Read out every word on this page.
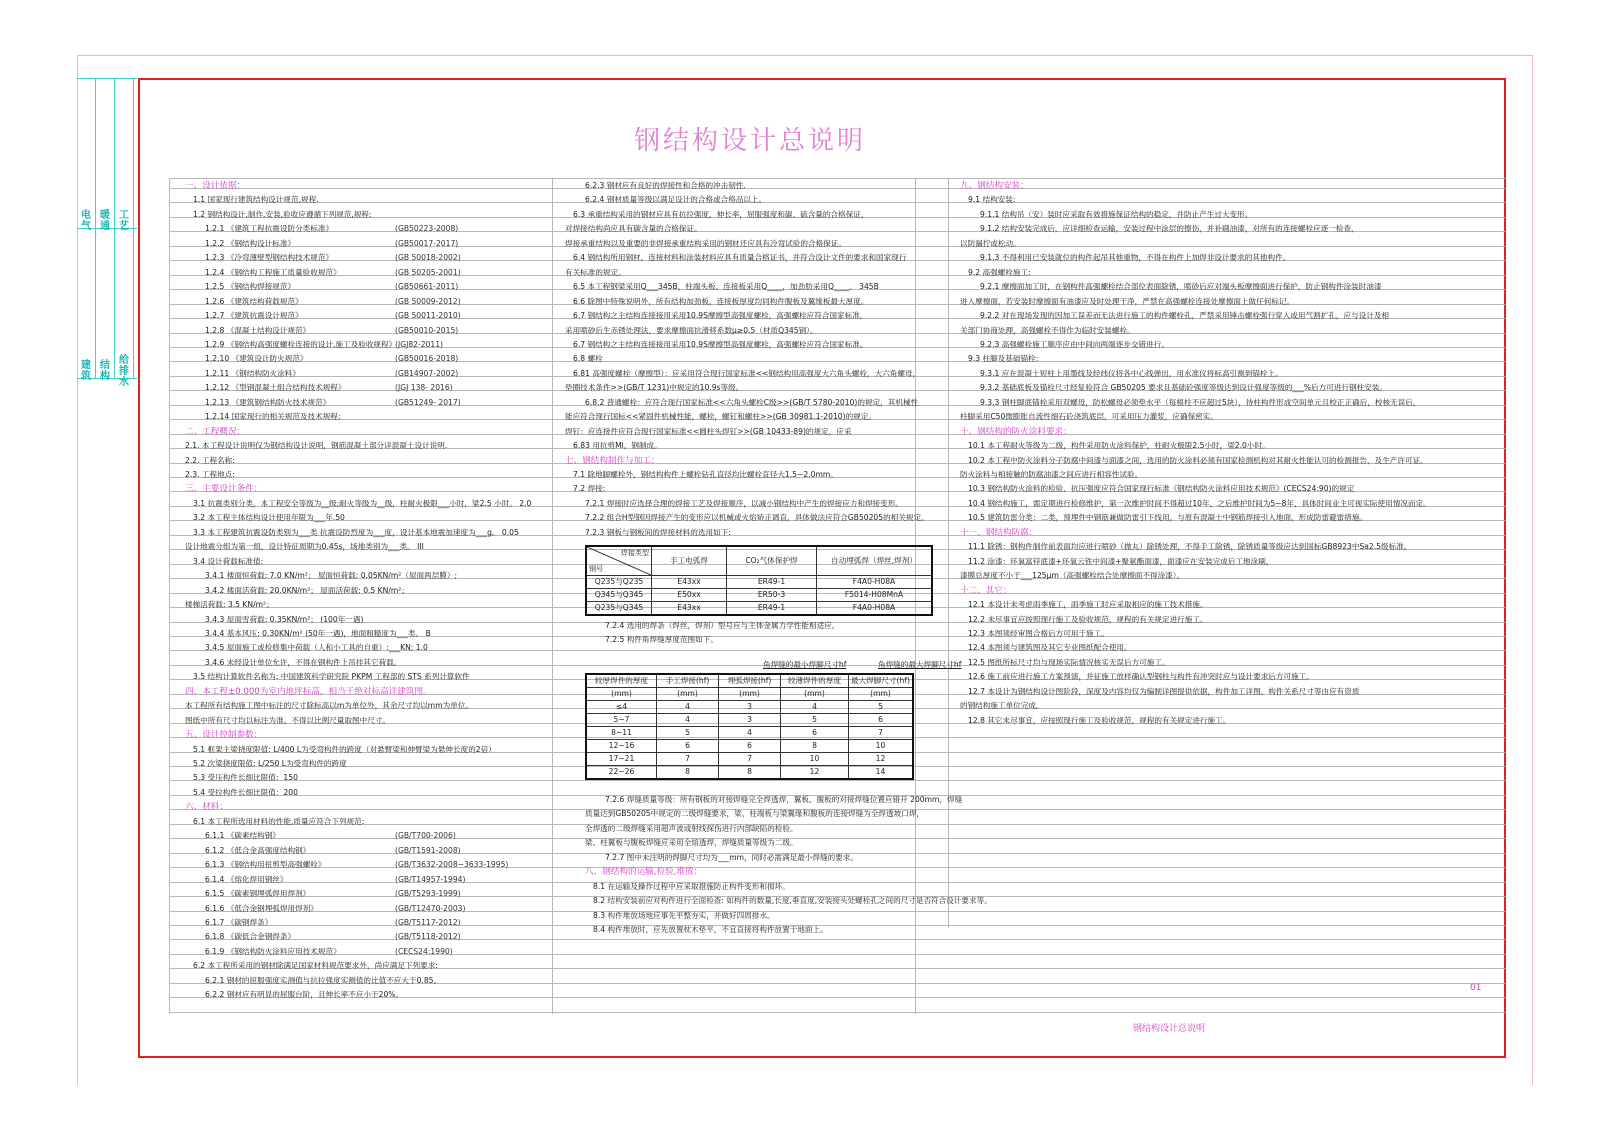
电
气
暖
通
工
艺
建
筑
结
构
给
排
水
钢结构设计总说明
一、设计依据：
1.1 国家现行建筑结构设计规范,规程.
1.2 钢结构设计,制作,安装,验收应遵循下列规范,规程:
1.2.1 《建筑工程抗震设防分类标准》	(GB50223-2008)
1.2.2 《钢结构设计标准》	(GB50017-2017)
1.2.3 《冷弯薄壁型钢结构技术规范》	(GB 50018-2002)
1.2.4 《钢结构工程施工质量验收规范》	(GB 50205-2001)
1.2.5 《钢结构焊接规范》	(GB50661-2011)
1.2.6 《建筑结构荷载规范》	(GB 50009-2012)
1.2.7 《建筑抗震设计规范》	(GB 50011-2010)
1.2.8 《混凝土结构设计规范》	(GB50010-2015)
1.2.9 《钢结构高强度螺栓连接的设计,施工及验收规程》
(JGJ82-2011)
1.2.10 《建筑设计防火规范》	(GB50016-2018)
1.2.11 《钢结构防火涂料》	(GB14907-2002)
1.2.12 《型钢混凝土组合结构技术规程》	(JGJ 138- 2016)
1.2.13 《建筑钢结构防火技术规范》	(GB51249- 2017)
1.2.14 国家现行的相关规范及技术规程；
二、工程概况：
2.1. 本工程设计说明仅为钢结构设计说明，钢筋混凝土部分详混凝土设计说明.
2.2. 工程名称:
2.3. 工程地点:
三、主要设计条件：
3.1 抗震类别分类，本工程安全等级为__级;耐火等级为__级，柱耐火极限___小时，梁2.5 小时。 2.0
3.2 本工程主体结构设计使用年限为___年.50
3.3 本工程建筑抗震设防类别为___类 抗震设防烈度为___度，设计基本地震加速度为___g。 0.05
设计地震分组为第一组，设计特征周期为0.45s，场地类别为___类。 III
3.4 设计荷载标准值:
3.4.1 楼面恒荷载: 7.0 KN/m²； 屋面恒荷载: 0.05KN/m²（屋面两层膜）;
3.4.2 楼面活荷载: 20.0KN/m²； 屋面活荷载: 0.5 KN/m²；
楼梯活荷载: 3.5 KN/m²；
3.4.3 屋面雪荷载: 0.35KN/m²； (100年一遇)
3.4.4 基本风压: 0.30KN/m² (50年一遇)，地面粗糙度为___类。 B
3.4.5 屋面施工或检修集中荷载（人和小工具的自重）:___KN; 1.0
3.4.6 未经设计单位允许，不得在钢构件上吊挂其它荷载。
3.5 结构计算软件名称为: 中国建筑科学研究院 PKPM 工程部的 STS 系列计算软件
四、本工程±0.000为室内地坪标高，相当于绝对标高详建筑图。
本工程所有结构施工图中标注的尺寸除标高以m为单位外，其余尺寸均以mm为单位。
图纸中所有尺寸均以标注为准，不得以比例尺量取图中尺寸。
五、设计控制参数：
5.1 框架主梁挠度限值: L/400 L为受弯构件的跨度（对悬臂梁和伸臂梁为悬伸长度的2倍）
5.2 次梁挠度限值: L/250 L为受弯构件的跨度
5.3 受压构件长细比限值：150
5.4 受拉构件长细比限值：200
六、材料：
6.1 本工程所选用材料的性能,质量应符合下列规范:
6.1.1 《碳素结构钢》	(GB/T700-2006)
6.1.2 《低合金高强度结构钢》	(GB/T1591-2008)
6.1.3 《钢结构用扭剪型高强螺栓》	(GB/T3632-2008~3633-1995)
6.1.4 《熔化焊用钢丝》	(GB/T14957-1994)
6.1.5 《碳素钢埋弧焊用焊剂》	(GB/T5293-1999)
6.1.6 《低合金钢埋弧焊用焊剂》	(GB/T12470-2003)
6.1.7 《碳钢焊条》	(GB/T5117-2012)
6.1.8 《碳低合金钢焊条》	(GB/T5118-2012)
6.1.9 《钢结构防火涂料应用技术规范》	(CECS24:1990)
6.2 本工程所采用的钢材除满足国家材料规范要求外，尚应满足下列要求:
6.2.1 钢材的屈服强度实测值与抗拉强度实测值的比值不应大于0.85。
6.2.2 钢材应有明显的屈服台阶，且伸长率不应小于20%。
6.2.3 钢材应有良好的焊接性和合格的冲击韧性.
6.2.4 钢材质量等级以满足设计的合格或合格品以上。
6.3 承重结构采用的钢材应具有抗拉强度，伸长率，屈服强度和碳、硫含量的合格保证，
对焊接结构尚应具有碳含量的合格保证。
焊接承重结构以及重要的非焊接承重结构采用的钢材还应具有冷弯试验的合格保证。
6.4 钢结构所用钢材，连接材料和涂装材料应具有质量合格证书，并符合设计文件的要求和国家现行
有关标准的规定。
6.5 本工程钢梁采用Q___345B，柱端头板、连接板采用Q____，加劲肋采用Q____。 345B
6.6 除图中特殊说明外，所有结构加劲板，连接板厚度均同构件腹板及翼缘板最大厚度。
6.7 钢结构之主结构连接接用采用10.9S摩擦型高强度螺栓，高强螺栓应符合国家标准，
采用喷砂后生赤锈处理法，要求摩擦面抗滑移系数μ≥0.5（材质Q345钢）。
6.7 钢结构之主结构连接接用采用10.9S摩擦型高强度螺栓，高强螺栓应符合国家标准。
6.8 螺栓
6.81 高强度螺栓（摩擦型）：应采用符合现行国家标准<<钢结构用高强度大六角头螺栓，大六角螺母，
垫圈技术条件>>(GB/T 1231)中规定的10.9s等级。
6.8.2 普通螺栓：应符合现行国家标准<<六角头螺栓C级>>(GB/T 5780-2010)的规定，其机械性
能应符合现行国标<<紧固件机械性能，螺栓，螺钉和螺柱>>(GB 30981.1-2010)的规定。
焊钉：应连接件应符合现行国家标准<<圆柱头焊钉>>(GB 10433-89)的规定，应采
6.83 用抗剪Ml，钢制成。
七、钢结构制作与加工：
7.1 除地脚螺栓外，钢结构构件上螺栓钻孔直径均比螺栓直径大1.5~2.0mm。
7.2 焊接:
7.2.1 焊接时应选择合理的焊接工艺及焊接顺序，以减小钢结构中产生的焊接应力和焊接变形。
7.2.2 组合H型钢因焊接产生的变形应以机械或火焰矫正调直，具体做法应符合GB50205的相关规定。
7.2.3 钢板与钢板间的焊接材料的选用如下:
7.2.4 选用的焊条（焊丝，焊剂）型号应与主体金属力学性能相适应。
7.2.5 构件角焊缝厚度范围如下。
7.2.6 焊缝质量等级：所有钢板的对接焊缝完全焊透焊，翼板、腹板的对接焊缝位置应错开 200mm，焊缝
质量达到GB50205中规定的二级焊缝要求，梁、柱端板与梁翼缘和腹板的连接焊缝为全焊透坡口焊，
全焊透的二级焊缝采用超声波或射线探伤进行内部缺陷的检验。
梁、柱翼板与腹板焊缝应采用全熔透焊，焊缝质量等级为二级。
7.2.7 图中未注明的焊脚尺寸均为___mm，同时必需满足最小焊缝的要求。
八、钢结构的运输,检验,堆放：
8.1 在运输及操作过程中应采取措施防止构件变形和损坏。
8.2 结构安装前应对构件进行全面检查: 如构件的数量,长度,垂直度,安装接头处螺栓孔之间的尺寸是否符合设计要求等。
8.3 构件堆放场地应事先平整夯实，并做好四周排水。
8.4 构件堆放时，应先放置枕木垫平，不宜直接将构件放置于地面上。
九、钢结构安装：
9.1 结构安装:
9.1.1 结构吊（安）装时应采取有效措施保证结构的稳定，并防止产生过大变形。
9.1.2 结构安装完成后，应详细检查运输，安装过程中涂层的擦伤，并补刷油漆，对所有的连接螺栓应逐一检查，
以防漏拧或松动。
9.1.3 不得利用已安装就位的构件起吊其他重物，不得在构件上加焊非设计要求的其他构件。
9.2 高强螺栓施工:
9.2.1 摩擦面加工时，在钢构件高强螺栓结合部位表面除锈，喷砂后应对端头板摩擦面进行保护，防止钢构件涂装时油漆
进入摩擦面，若安装时摩擦面有油漆应及时处理干净，严禁在高强螺栓连接处摩擦面上做任何标记。
9.2.2 对在现场发现的因加工误差而无法进行施工的构件螺栓孔，严禁采用锤击螺栓强行穿入或用气割扩孔，应与设计及相
关部门协商处理，高强螺栓不得作为临时安装螺栓。
9.2.3 高强螺栓施工顺序应由中间向两端逐步交错进行。
9.3 柱脚及基础锚栓:
9.3.1 应在混凝土短柱上用墨线及经纬仪将各中心线弹出，用水准仪将标高引测到锚栓上。
9.3.2 基础底板及锚栓尺寸经复验符合 GB50205 要求且基础砼强度等级达到设计强度等级的___%后方可进行钢柱安装。
9.3.3 钢柱脚底锚栓采用双螺母，防松螺母必须垫水平（每根柱不应超过5块），待柱构件形成空间单元且校正正确后，校核无误后，
柱脚采用C50微膨胀自流性细石砼浇筑底层，可采用压力灌浆，应确保密实。
十、钢结构的防火涂料要求：
10.1 本工程耐火等级为二级，构件采用防火涂料保护，柱耐火极限2.5小时，梁2.0小时。
10.2 本工程中防火涂料分子防腐中间漆与面漆之间，选用的防火涂料必须有国家检测机构对其耐火性能认可的检测报告，及生产许可证。
防火涂料与相接触的防腐油漆之间应进行相容性试验。
10.3 钢结构防火涂料的检验、抗压强度应符合国家现行标准《钢结构防火涂料应用技术规范》(CECS24:90)的规定
10.4 钢结构施工，需定期进行检修维护，第一次维护时间不得超过10年，之后维护时间为5~8年，具体时间业主可视实际使用情况而定。
10.5 建筑防雷分类：二类，预埋件中钢筋兼做防雷引下线用，与原有混凝土中钢筋焊接引入地面，形成防雷避雷措施。
十一、钢结构防腐：
11.1 除锈：钢构件制作前表面均应进行喷砂（抛丸）除锈处理，不得手工除锈，除锈质量等级应达到国标GB8923中Sa2.5级标准。
11.2 涂漆：环氧富锌底漆+环氧云铁中间漆+聚氨酯面漆，面漆应在安装完成后工地涂刷，
漆膜总厚度不小于___125μm（高强螺栓结合处摩擦面不得涂漆）。
十二、其它：
12.1 本设计未考虑雨季施工，雨季施工时应采取相应的施工技术措施。
12.2 未尽事宜应按照现行施工及验收规范，规程的有关规定进行施工。
12.3 本图须经审图合格后方可用于施工。
12.4 本图须与建筑图及其它专业图纸配合使用。
12.5 图纸所标尺寸均与现场实际情况核实无误后方可施工。
12.6 施工前应进行施工方案预演，并征施工放样确认型钢柱与构件有冲突时应与设计要求后方可施工。
12.7 本设计为钢结构设计图阶段，深度及内容均仅为编制详图提供依据，构件加工详图、构件关系尺寸等由应有资质
的钢结构施工单位完成。
12.8 其它未尽事宜，应按照现行施工及验收规范，规程的有关规定进行施工。
焊接类型
钢号	手工电弧焊	CO₂气体保护焊	自动埋弧焊（焊丝,焊剂）
Q235与Q235	E43xx	ER49-1	F4A0-H08A
Q345与Q345	E50xx	ER50-3	F5014-H08MnA
Q235与Q345	E43xx	ER49-1	F4A0-H08A
角焊缝的最小焊脚尺寸hf	角焊缝的最大焊脚尺寸hf
较厚焊件的厚度	手工焊接(hf)	埋弧焊接(hf)	较薄焊件的厚度	最大焊脚尺寸(hf)
(mm)	(mm)	(mm)	(mm)	(mm)
≤4	4	3	4	5
5~7	4	3	5	6
8~11	5	4	6	7
12~16	6	6	8	10
17~21	7	7	10	12
22~26	8	8	12	14
01
钢结构设计总说明
